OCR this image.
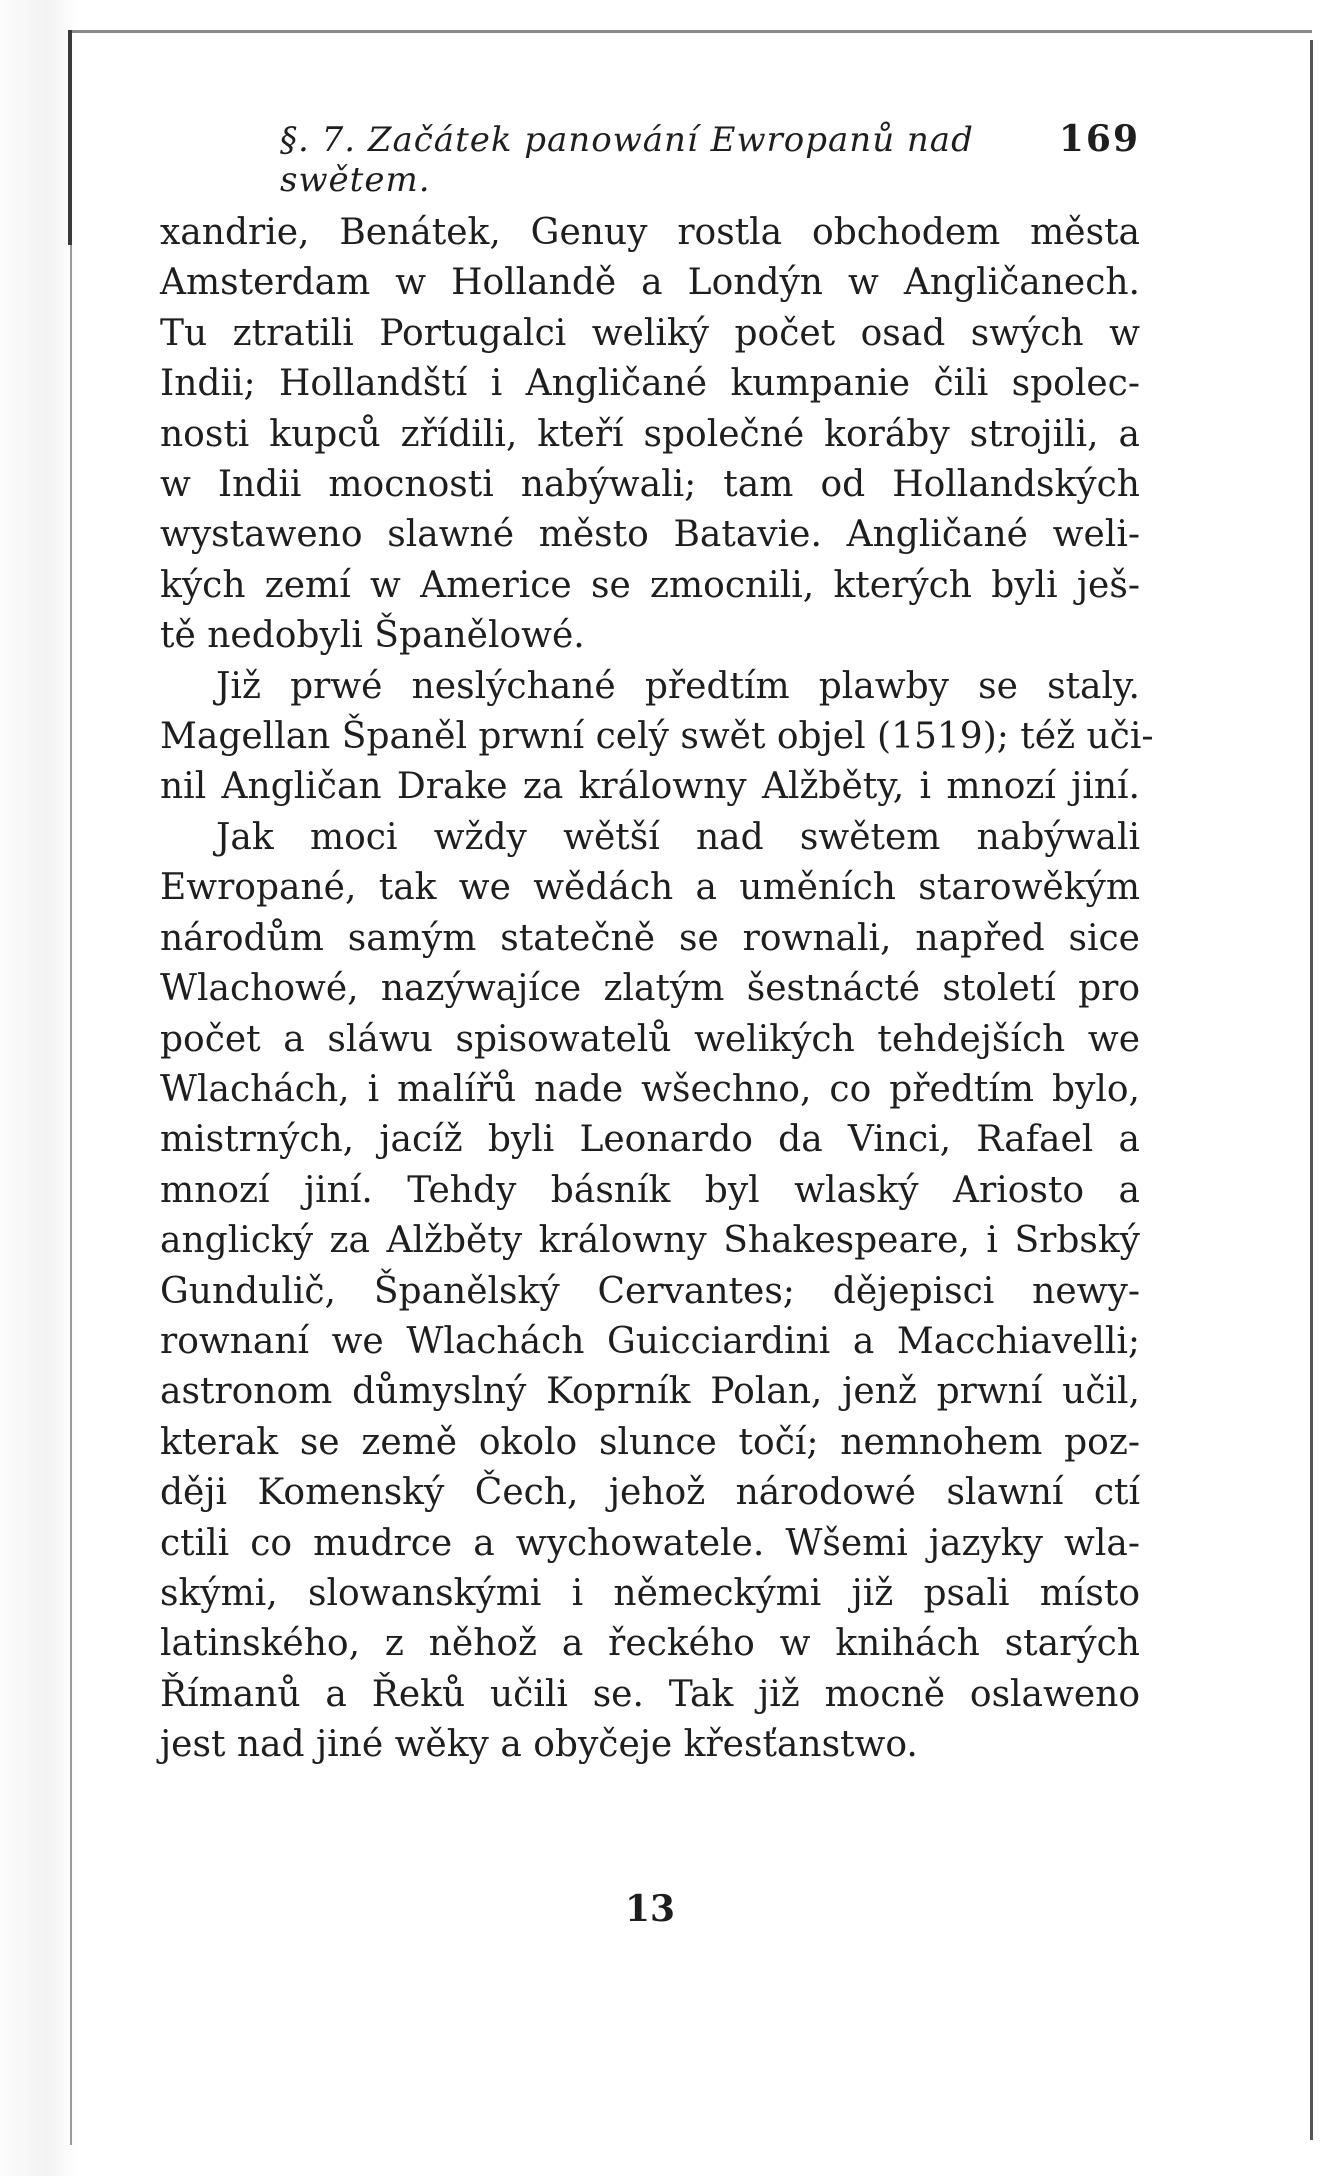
§. 7. Začátek panowání Ewropanů nad swětem.
169

xandrie, Benátek, Genuy rostla obchodem města
Amsterdam w Hollandě a Londýn w Angličanech.
Tu ztratili Portugalci weliký počet osad swých w
Indii; Hollandští i Angličané kumpanie čili spolec-
nosti kupců zřídili, kteří společné koráby strojili, a
w Indii mocnosti nabýwali; tam od Hollandských
wystaweno slawné město Batavie. Angličané weli-
kých zemí w Americe se zmocnili, kterých byli ješ-
tě nedobyli Španělowé.
Již prwé neslýchané předtím plawby se staly.
Magellan Španěl prwní celý swět objel (1519); též uči-
nil Angličan Drake za králowny Alžběty, i mnozí jiní.
Jak moci wždy wětší nad swětem nabýwali
Ewropané, tak we wědách a uměních starowěkým
národům samým statečně se rownali, napřed sice
Wlachowé, nazýwajíce zlatým šestnácté století pro
počet a sláwu spisowatelů welikých tehdejších we
Wlachách, i malířů nade wšechno, co předtím bylo,
mistrných, jacíž byli Leonardo da Vinci, Rafael a
mnozí jiní. Tehdy básník byl wlaský Ariosto a
anglický za Alžběty králowny Shakespeare, i Srbský
Gundulič, Španělský Cervantes; dějepisci newy-
rownaní we Wlachách Guicciardini a Macchiavelli;
astronom důmyslný Koprník Polan, jenž prwní učil,
kterak se země okolo slunce točí; nemnohem poz-
ději Komenský Čech, jehož národowé slawní ctí
ctili co mudrce a wychowatele. Wšemi jazyky wla-
skými, slowanskými i německými již psali místo
latinského, z něhož a řeckého w knihách starých
Římanů a Řeků učili se. Tak již mocně oslaweno
jest nad jiné wěky a obyčeje křesťanstwo.

13
